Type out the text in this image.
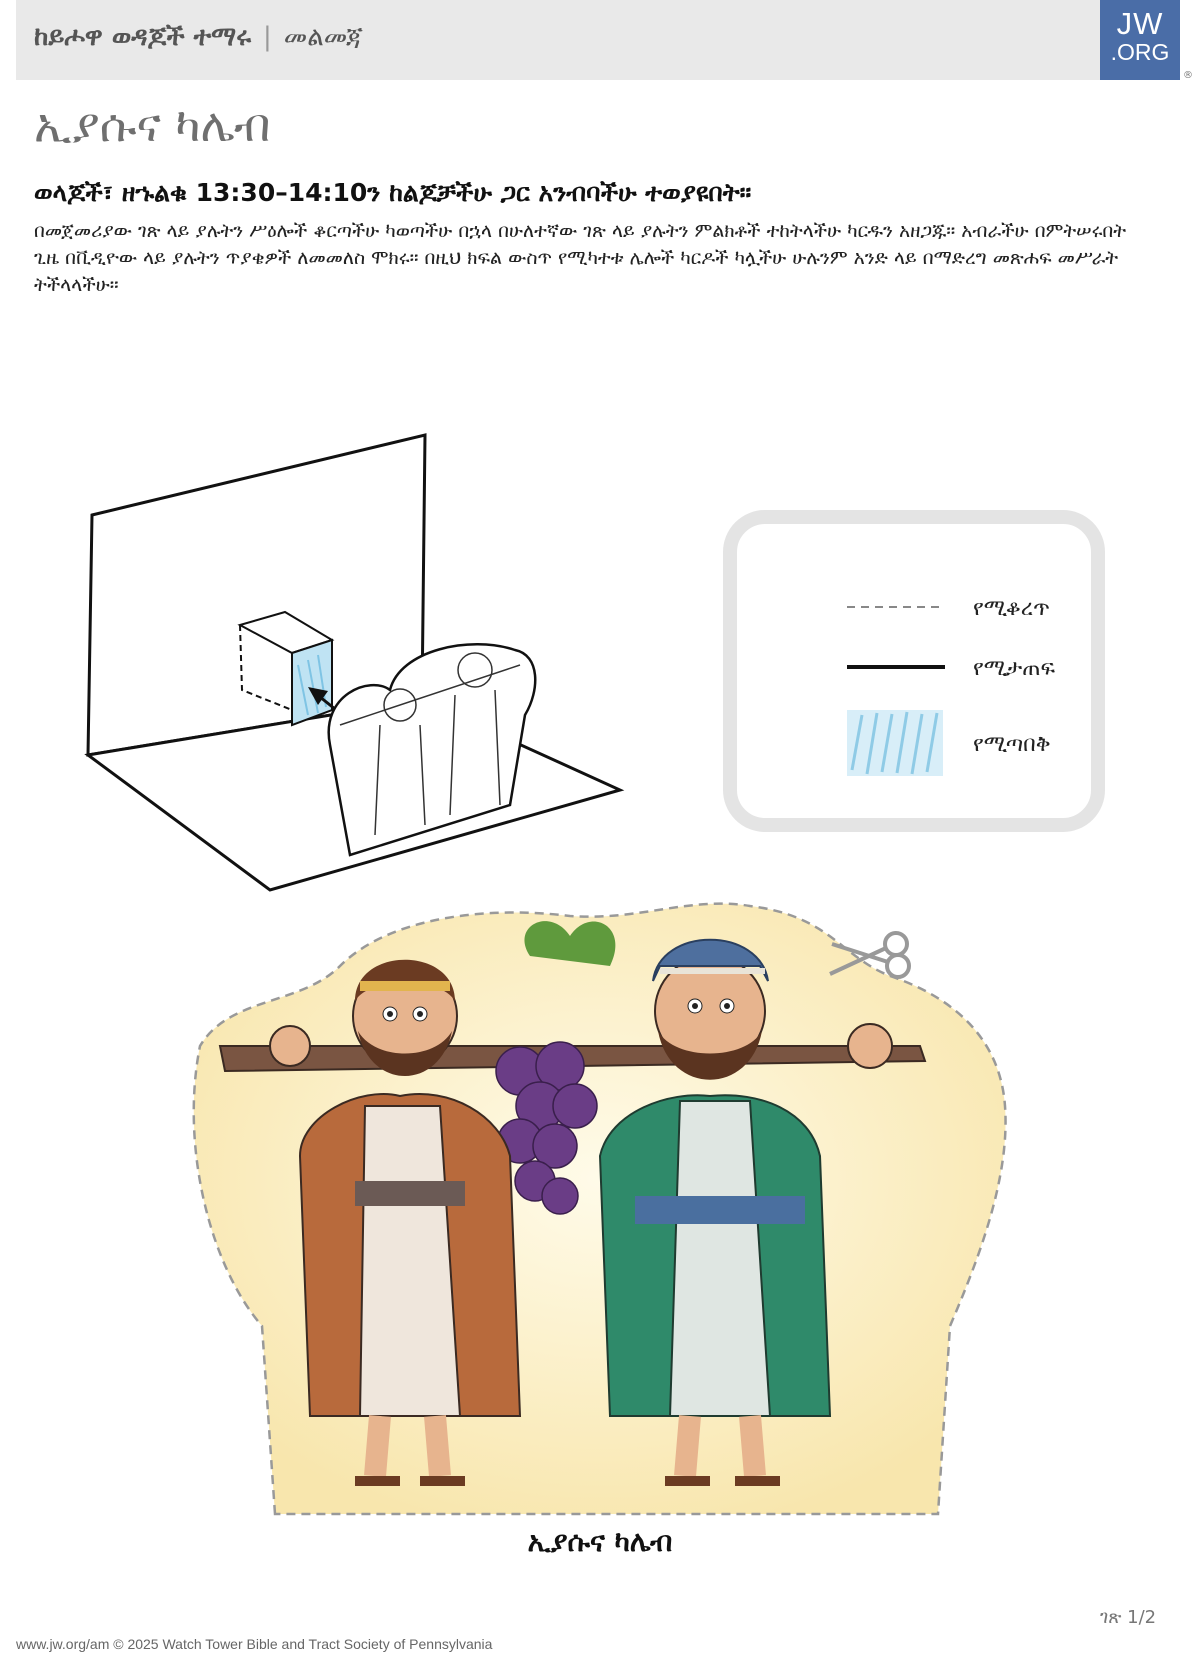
ከይሖዋ ወዳጆች ተማሩ | መልመጃ	JW
.ORG
®
ኢያሱና ካሌብ
ወላጆች፣ ዘኁልቁ 13:30–14:10ን ከልጆቻችሁ ጋር አንብባችሁ ተወያዩበት።
በመጀመሪያው ገጽ ላይ ያሉትን ሥዕሎች ቆርጣችሁ ካወጣችሁ በኋላ በሁለተኛው ገጽ ላይ ያሉትን ምልክቶች ተከትላችሁ ካርዱን አዘጋጁ። አብራችሁ በምትሠሩበት ጊዜ በቪዲዮው ላይ ያሉትን ጥያቄዎች ለመመለስ ሞክሩ። በዚህ ክፍል ውስጥ የሚካተቱ ሌሎች ካርዶች ካሏችሁ ሁሉንም አንድ ላይ በማድረግ መጽሐፍ መሥራት ትችላላችሁ።
የሚቆረጥ
የሚታጠፍ
የሚጣበቅ
ኢያሱና ካሌብ
ገጽ 1/2
www.jw.org/am © 2025 Watch Tower Bible and Tract Society of Pennsylvania
